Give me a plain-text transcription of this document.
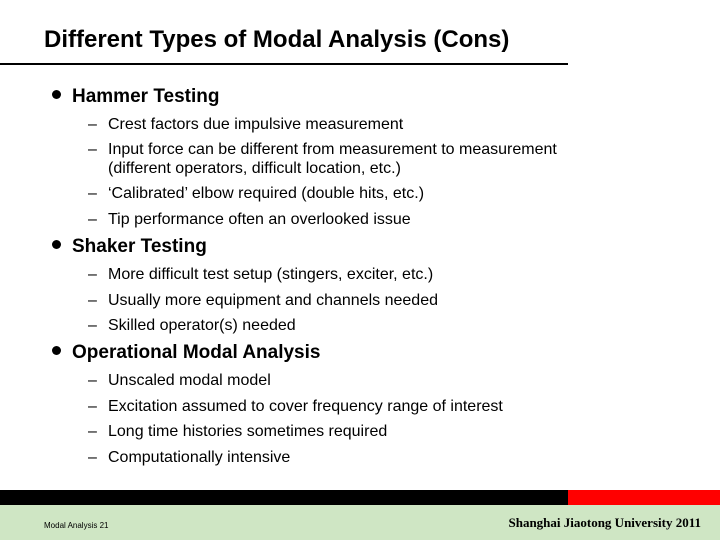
Different Types of Modal Analysis (Cons)
Hammer Testing
– Crest factors due impulsive measurement
– Input force can be different from measurement to measurement
(different operators, difficult location, etc.)
– ‘Calibrated’ elbow required (double hits, etc.)
– Tip performance often an overlooked issue
Shaker Testing
– More difficult test setup (stingers, exciter, etc.)
– Usually more equipment and channels needed
– Skilled operator(s) needed
Operational Modal Analysis
– Unscaled modal model
– Excitation assumed to cover frequency range of interest
– Long time histories sometimes required
– Computationally intensive
Modal Analysis 21	Shanghai Jiaotong University 2011
